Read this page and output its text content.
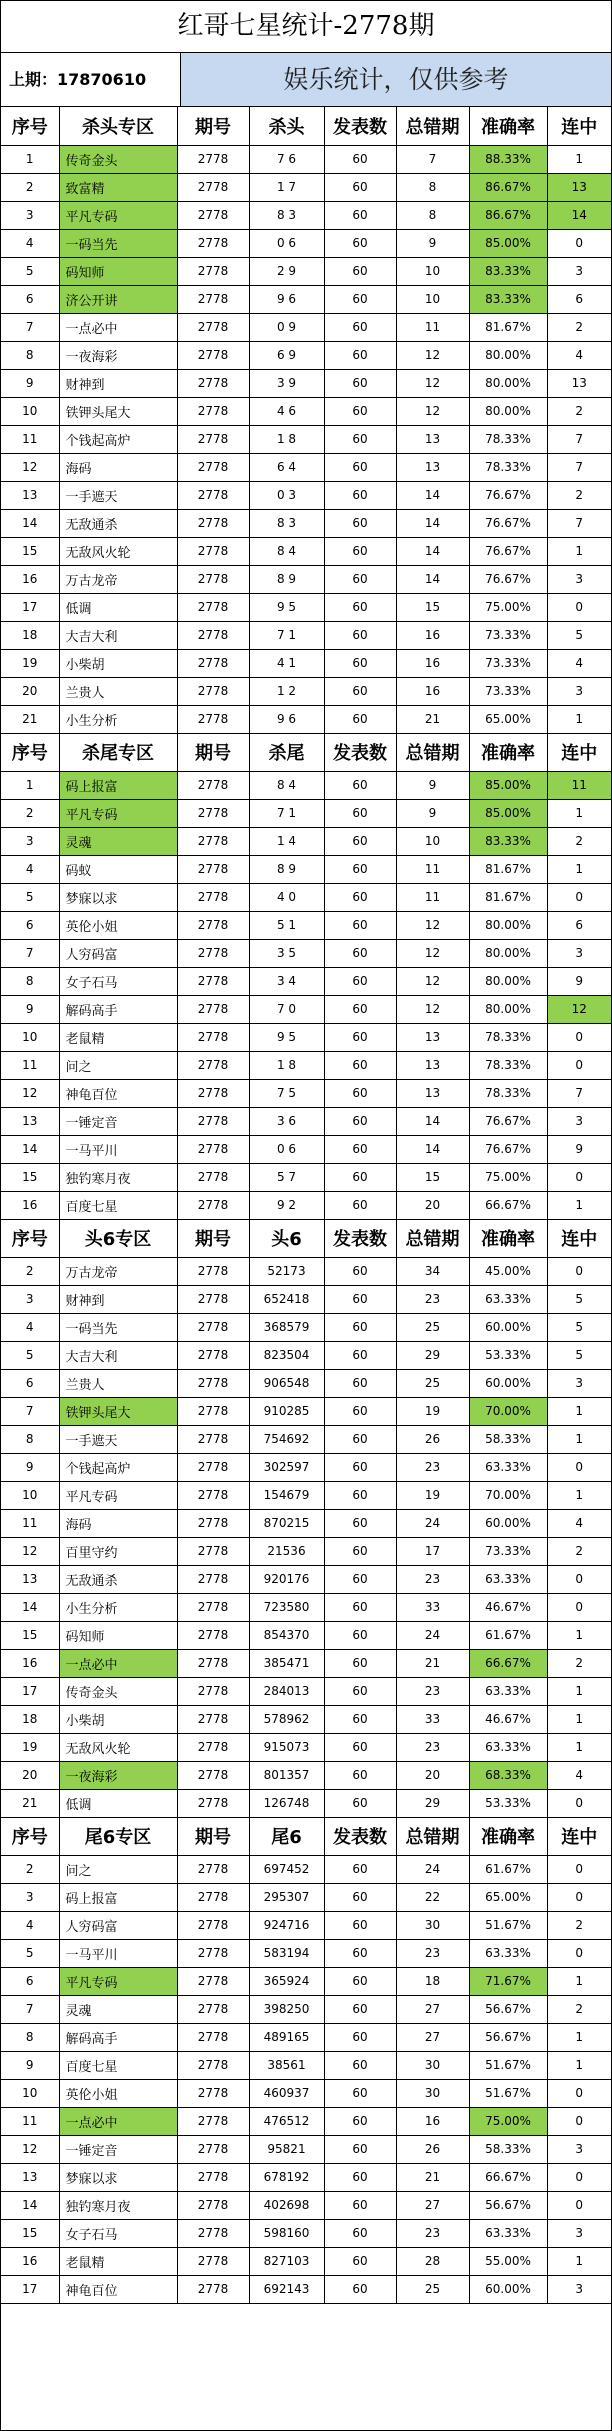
红哥七星统计-2778期
上期：17870610	娱乐统计，仅供参考
序号	杀头专区	期号	杀头	发表数	总错期	准确率	连中
1	传奇金头	2778	7 6	60	7	88.33%	1
2	致富精	2778	1 7	60	8	86.67%	13
3	平凡专码	2778	8 3	60	8	86.67%	14
4	一码当先	2778	0 6	60	9	85.00%	0
5	码知师	2778	2 9	60	10	83.33%	3
6	济公开讲	2778	9 6	60	10	83.33%	6
7	一点必中	2778	0 9	60	11	81.67%	2
8	一夜海彩	2778	6 9	60	12	80.00%	4
9	财神到	2778	3 9	60	12	80.00%	13
10	铁钾头尾大	2778	4 6	60	12	80.00%	2
11	个钱起高炉	2778	1 8	60	13	78.33%	7
12	海码	2778	6 4	60	13	78.33%	7
13	一手遮天	2778	0 3	60	14	76.67%	2
14	无敌通杀	2778	8 3	60	14	76.67%	7
15	无敌风火轮	2778	8 4	60	14	76.67%	1
16	万古龙帝	2778	8 9	60	14	76.67%	3
17	低调	2778	9 5	60	15	75.00%	0
18	大吉大利	2778	7 1	60	16	73.33%	5
19	小柴胡	2778	4 1	60	16	73.33%	4
20	兰贵人	2778	1 2	60	16	73.33%	3
21	小生分析	2778	9 6	60	21	65.00%	1
序号	杀尾专区	期号	杀尾	发表数	总错期	准确率	连中
1	码上报富	2778	8 4	60	9	85.00%	11
2	平凡专码	2778	7 1	60	9	85.00%	1
3	灵魂	2778	1 4	60	10	83.33%	2
4	码蚁	2778	8 9	60	11	81.67%	1
5	梦寐以求	2778	4 0	60	11	81.67%	0
6	英伦小姐	2778	5 1	60	12	80.00%	6
7	人穷码富	2778	3 5	60	12	80.00%	3
8	女子石马	2778	3 4	60	12	80.00%	9
9	解码高手	2778	7 0	60	12	80.00%	12
10	老鼠精	2778	9 5	60	13	78.33%	0
11	问之	2778	1 8	60	13	78.33%	0
12	神龟百位	2778	7 5	60	13	78.33%	7
13	一锤定音	2778	3 6	60	14	76.67%	3
14	一马平川	2778	0 6	60	14	76.67%	9
15	独钓寒月夜	2778	5 7	60	15	75.00%	0
16	百度七星	2778	9 2	60	20	66.67%	1
序号	头6专区	期号	头6	发表数	总错期	准确率	连中
2	万古龙帝	2778	52173	60	34	45.00%	0
3	财神到	2778	652418	60	23	63.33%	5
4	一码当先	2778	368579	60	25	60.00%	5
5	大吉大利	2778	823504	60	29	53.33%	5
6	兰贵人	2778	906548	60	25	60.00%	3
7	铁钾头尾大	2778	910285	60	19	70.00%	1
8	一手遮天	2778	754692	60	26	58.33%	1
9	个钱起高炉	2778	302597	60	23	63.33%	0
10	平凡专码	2778	154679	60	19	70.00%	1
11	海码	2778	870215	60	24	60.00%	4
12	百里守约	2778	21536	60	17	73.33%	2
13	无敌通杀	2778	920176	60	23	63.33%	0
14	小生分析	2778	723580	60	33	46.67%	0
15	码知师	2778	854370	60	24	61.67%	1
16	一点必中	2778	385471	60	21	66.67%	2
17	传奇金头	2778	284013	60	23	63.33%	1
18	小柴胡	2778	578962	60	33	46.67%	1
19	无敌风火轮	2778	915073	60	23	63.33%	1
20	一夜海彩	2778	801357	60	20	68.33%	4
21	低调	2778	126748	60	29	53.33%	0
序号	尾6专区	期号	尾6	发表数	总错期	准确率	连中
2	问之	2778	697452	60	24	61.67%	0
3	码上报富	2778	295307	60	22	65.00%	0
4	人穷码富	2778	924716	60	30	51.67%	2
5	一马平川	2778	583194	60	23	63.33%	0
6	平凡专码	2778	365924	60	18	71.67%	1
7	灵魂	2778	398250	60	27	56.67%	2
8	解码高手	2778	489165	60	27	56.67%	1
9	百度七星	2778	38561	60	30	51.67%	1
10	英伦小姐	2778	460937	60	30	51.67%	0
11	一点必中	2778	476512	60	16	75.00%	0
12	一锤定音	2778	95821	60	26	58.33%	3
13	梦寐以求	2778	678192	60	21	66.67%	0
14	独钓寒月夜	2778	402698	60	27	56.67%	0
15	女子石马	2778	598160	60	23	63.33%	3
16	老鼠精	2778	827103	60	28	55.00%	1
17	神龟百位	2778	692143	60	25	60.00%	3
